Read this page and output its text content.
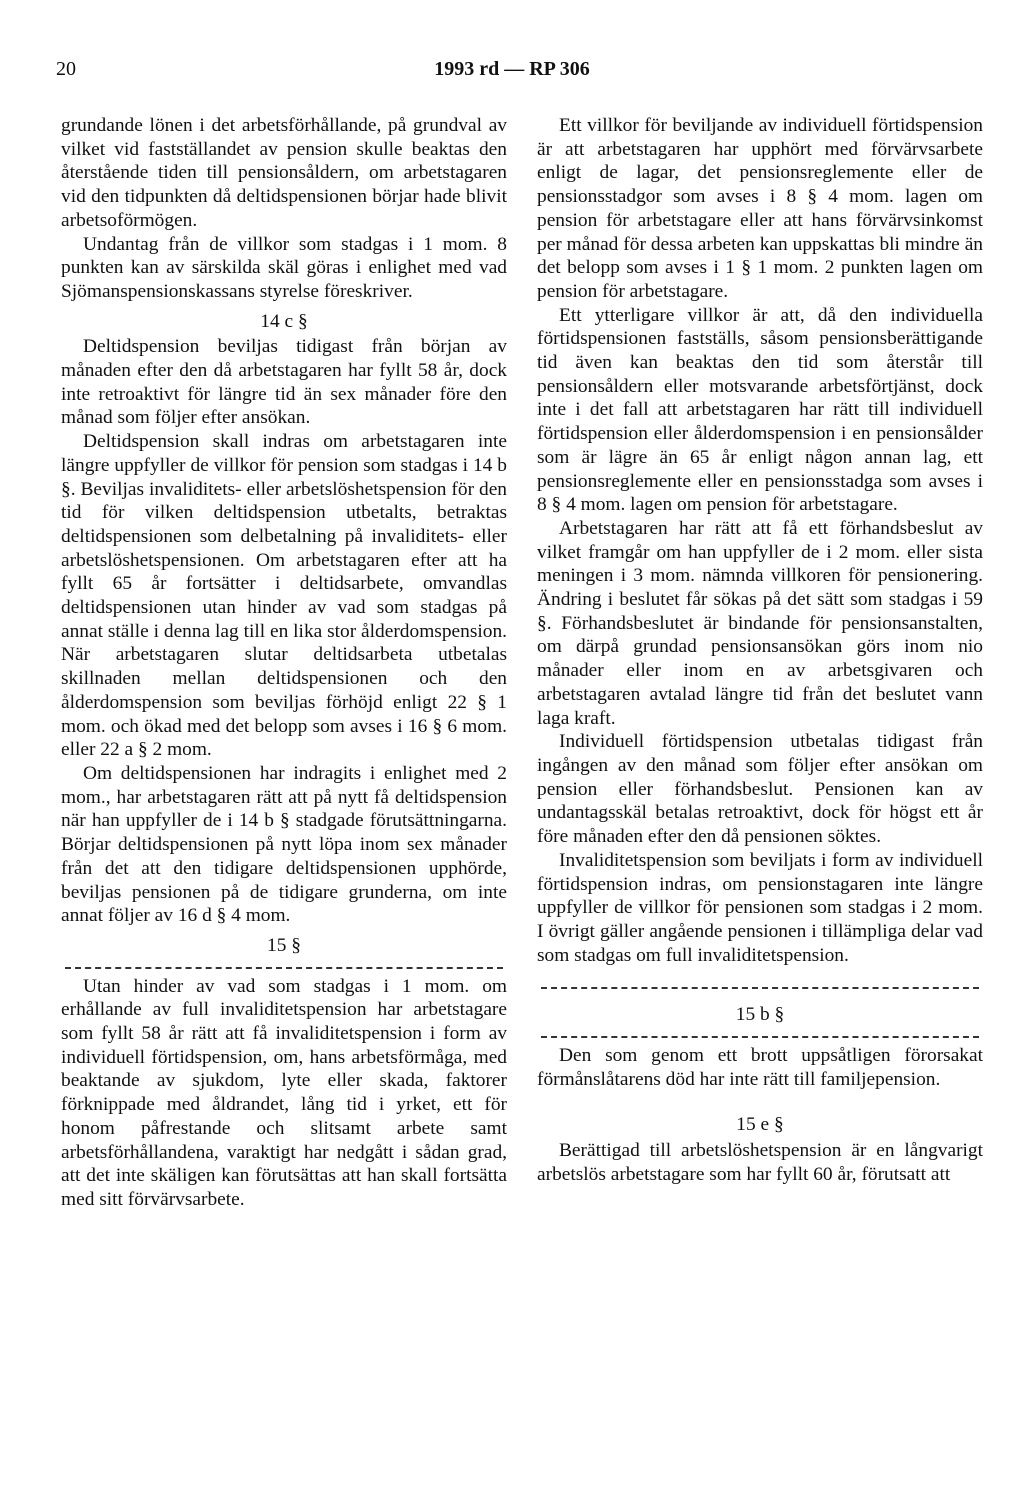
20	1993 rd — RP 306

grundande lönen i det arbetsförhållande, på grundval av vilket vid fastställandet av pension skulle beaktas den återstående tiden till pensionsåldern, om arbetstagaren vid den tidpunkten då deltidspensionen börjar hade blivit arbetsoförmögen.

Undantag från de villkor som stadgas i 1 mom. 8 punkten kan av särskilda skäl göras i enlighet med vad Sjömanspensionskassans styrelse föreskriver.

14 c §

Deltidspension beviljas tidigast från början av månaden efter den då arbetstagaren har fyllt 58 år, dock inte retroaktivt för längre tid än sex månader före den månad som följer efter ansökan.

Deltidspension skall indras om arbetstagaren inte längre uppfyller de villkor för pension som stadgas i 14 b §. Beviljas invaliditets- eller arbetslöshetspension för den tid för vilken deltidspension utbetalts, betraktas deltidspensionen som delbetalning på invaliditets- eller arbetslöshetspensionen. Om arbetstagaren efter att ha fyllt 65 år fortsätter i deltidsarbete, omvandlas deltidspensionen utan hinder av vad som stadgas på annat ställe i denna lag till en lika stor ålderdomspension. När arbetstagaren slutar deltidsarbeta utbetalas skillnaden mellan deltidspensionen och den ålderdomspension som beviljas förhöjd enligt 22 § 1 mom. och ökad med det belopp som avses i 16 § 6 mom. eller 22 a § 2 mom.

Om deltidspensionen har indragits i enlighet med 2 mom., har arbetstagaren rätt att på nytt få deltidspension när han uppfyller de i 14 b § stadgade förutsättningarna. Börjar deltidspensionen på nytt löpa inom sex månader från det att den tidigare deltidspensionen upphörde, beviljas pensionen på de tidigare grunderna, om inte annat följer av 16 d § 4 mom.

15 §

Utan hinder av vad som stadgas i 1 mom. om erhållande av full invaliditetspension har arbetstagare som fyllt 58 år rätt att få invaliditetspension i form av individuell förtidspension, om, hans arbetsförmåga, med beaktande av sjukdom, lyte eller skada, faktorer förknippade med åldrandet, lång tid i yrket, ett för honom påfrestande och slitsamt arbete samt arbetsförhållandena, varaktigt har nedgått i sådan grad, att det inte skäligen kan förutsättas att han skall fortsätta med sitt förvärvsarbete.

Ett villkor för beviljande av individuell förtidspension är att arbetstagaren har upphört med förvärvsarbete enligt de lagar, det pensionsreglemente eller de pensionsstadgor som avses i 8 § 4 mom. lagen om pension för arbetstagare eller att hans förvärvsinkomst per månad för dessa arbeten kan uppskattas bli mindre än det belopp som avses i 1 § 1 mom. 2 punkten lagen om pension för arbetstagare.

Ett ytterligare villkor är att, då den individuella förtidspensionen fastställs, såsom pensionsberättigande tid även kan beaktas den tid som återstår till pensionsåldern eller motsvarande arbetsförtjänst, dock inte i det fall att arbetstagaren har rätt till individuell förtidspension eller ålderdomspension i en pensionsålder som är lägre än 65 år enligt någon annan lag, ett pensionsreglemente eller en pensionsstadga som avses i 8 § 4 mom. lagen om pension för arbetstagare.

Arbetstagaren har rätt att få ett förhandsbeslut av vilket framgår om han uppfyller de i 2 mom. eller sista meningen i 3 mom. nämnda villkoren för pensionering. Ändring i beslutet får sökas på det sätt som stadgas i 59 §. Förhandsbeslutet är bindande för pensionsanstalten, om därpå grundad pensionsansökan görs inom nio månader eller inom en av arbetsgivaren och arbetstagaren avtalad längre tid från det beslutet vann laga kraft.

Individuell förtidspension utbetalas tidigast från ingången av den månad som följer efter ansökan om pension eller förhandsbeslut. Pensionen kan av undantagsskäl betalas retroaktivt, dock för högst ett år före månaden efter den då pensionen söktes.

Invaliditetspension som beviljats i form av individuell förtidspension indras, om pensionstagaren inte längre uppfyller de villkor för pensionen som stadgas i 2 mom. I övrigt gäller angående pensionen i tillämpliga delar vad som stadgas om full invaliditetspension.

15 b §

Den som genom ett brott uppsåtligen förorsakat förmånslåtarens död har inte rätt till familjepension.

15 e §

Berättigad till arbetslöshetspension är en långvarigt arbetslös arbetstagare som har fyllt 60 år, förutsatt att
